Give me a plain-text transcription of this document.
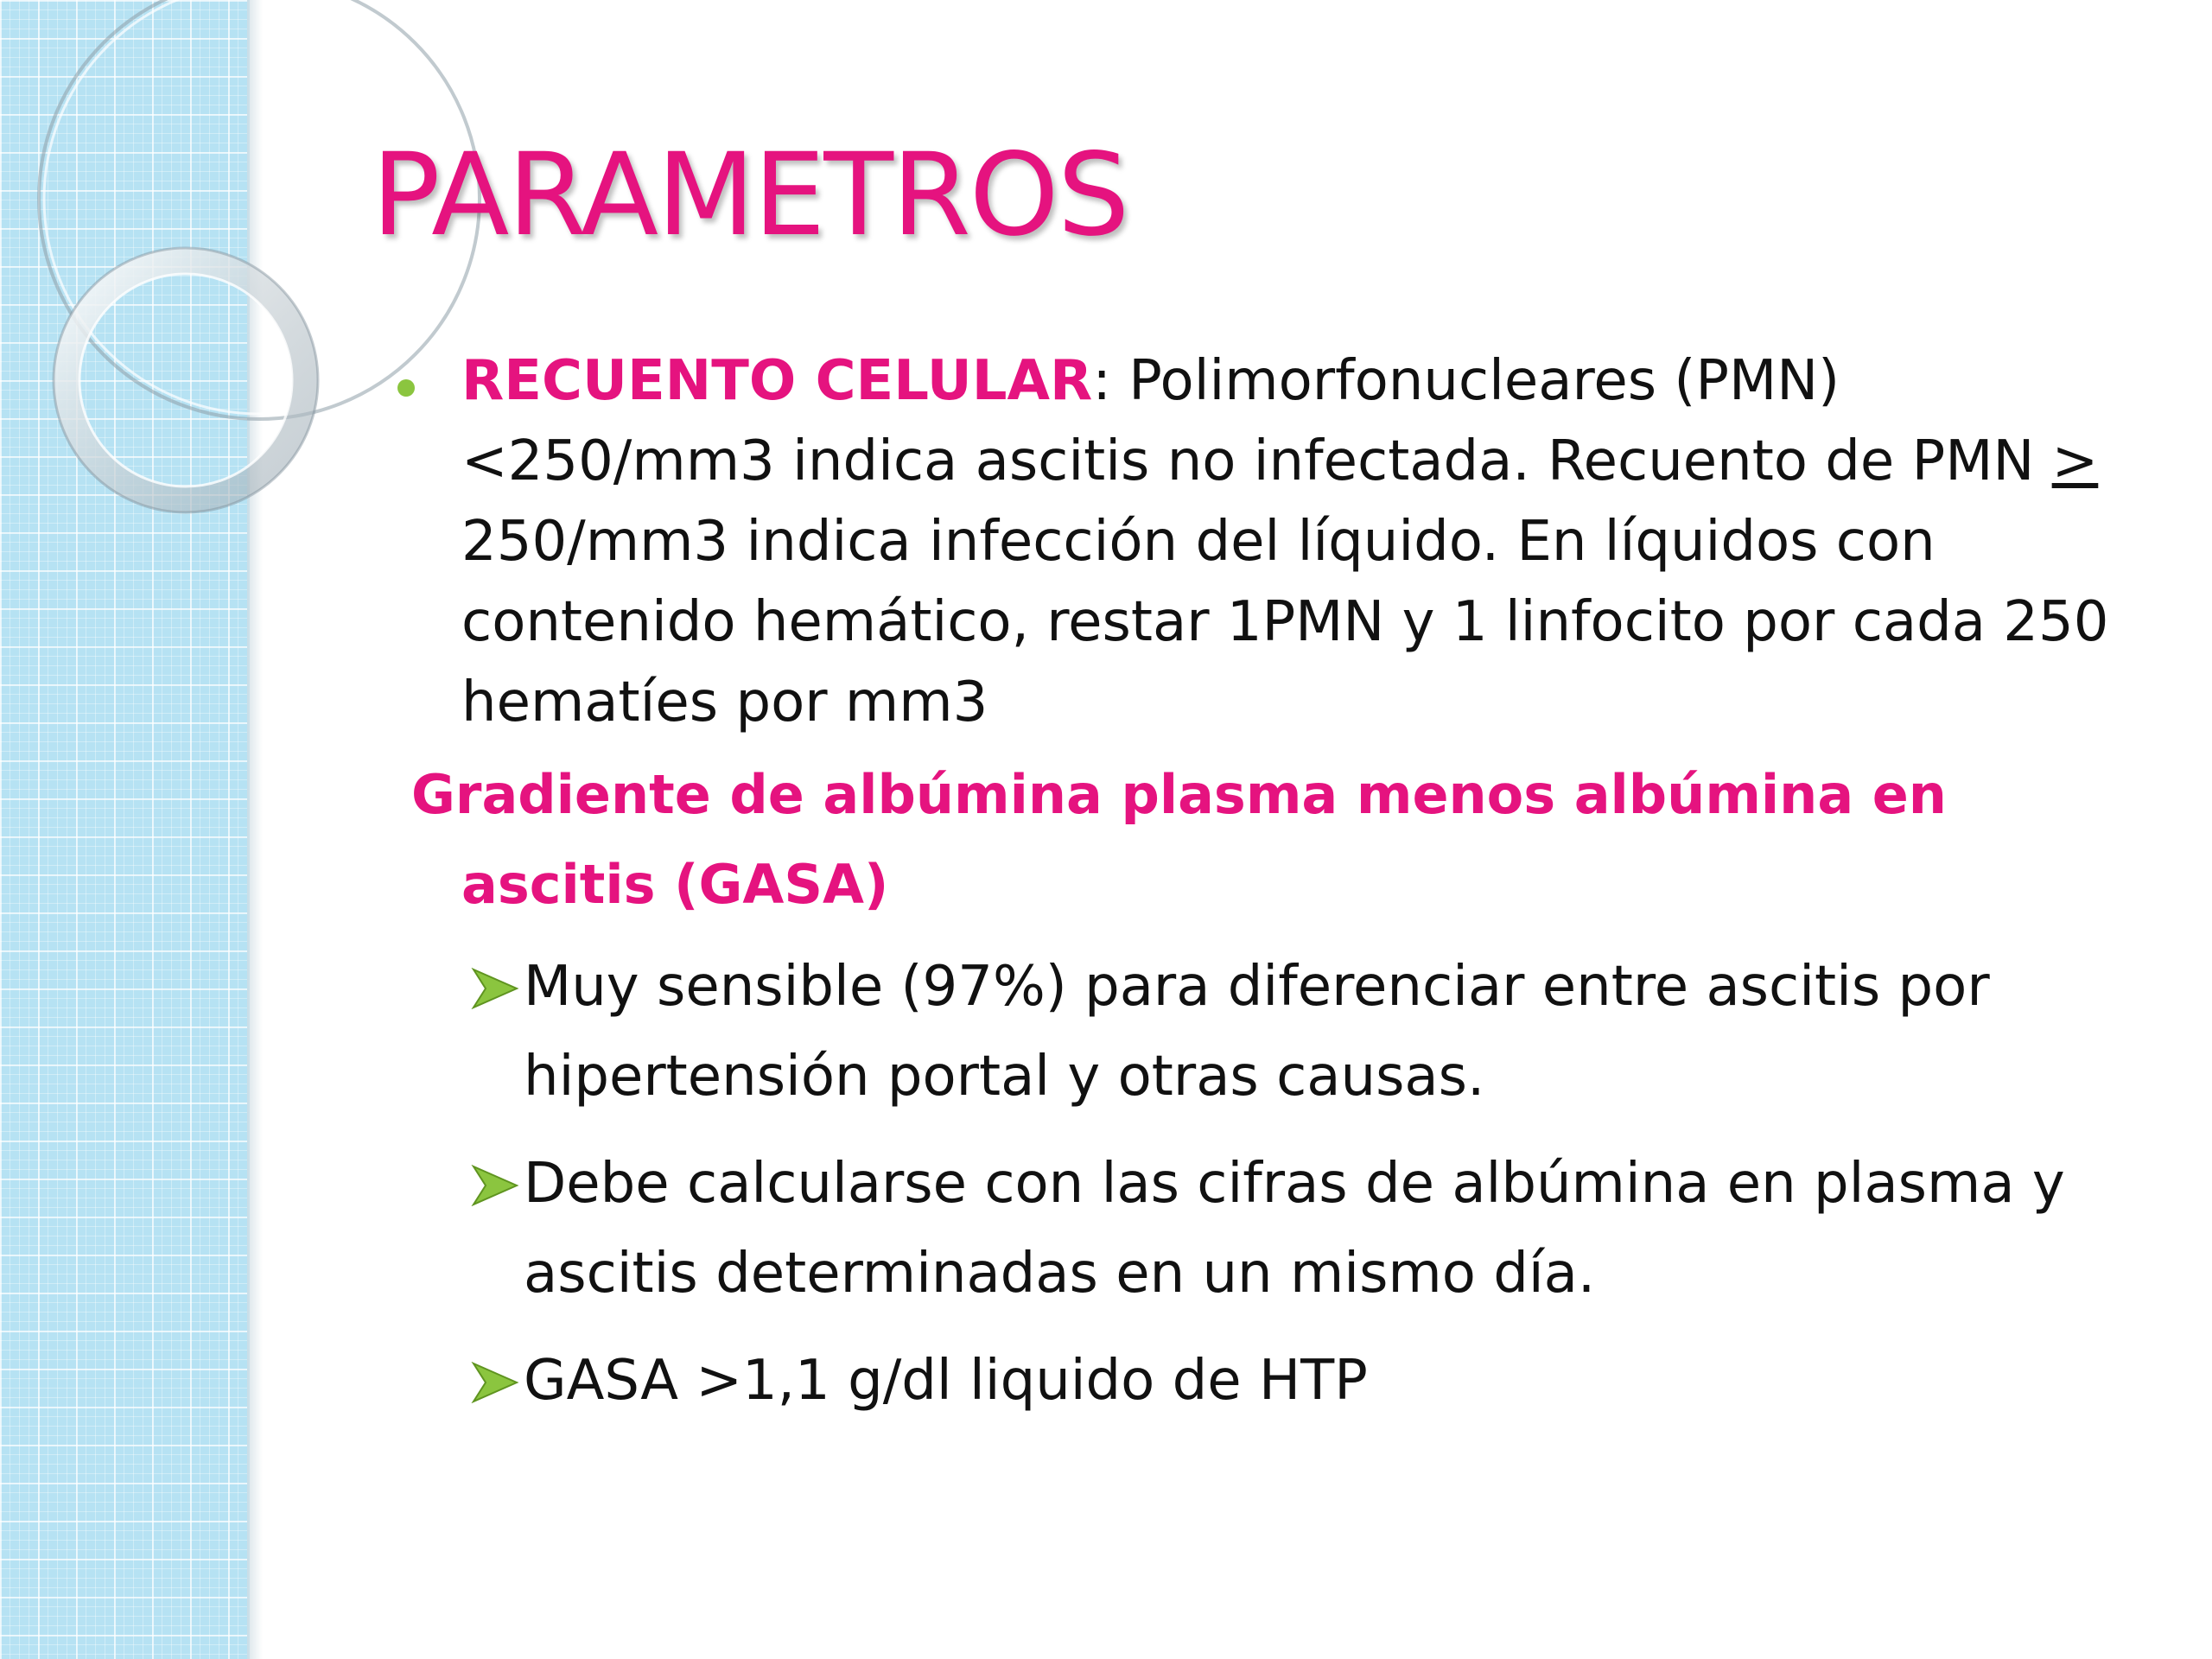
PARAMETROS

RECUENTO CELULAR: Polimorfonucleares (PMN) <250/mm3 indica ascitis no infectada. Recuento de PMN > 250/mm3 indica infección del líquido. En líquidos con contenido hemático, restar 1PMN y 1 linfocito por cada 250 hematíes por mm3

Gradiente de albúmina plasma menos albúmina en ascitis (GASA)
Muy sensible (97%) para diferenciar entre ascitis por hipertensión portal y otras causas.
Debe calcularse con las cifras de albúmina en plasma y ascitis determinadas en un mismo día.
GASA >1,1 g/dl liquido de HTP
